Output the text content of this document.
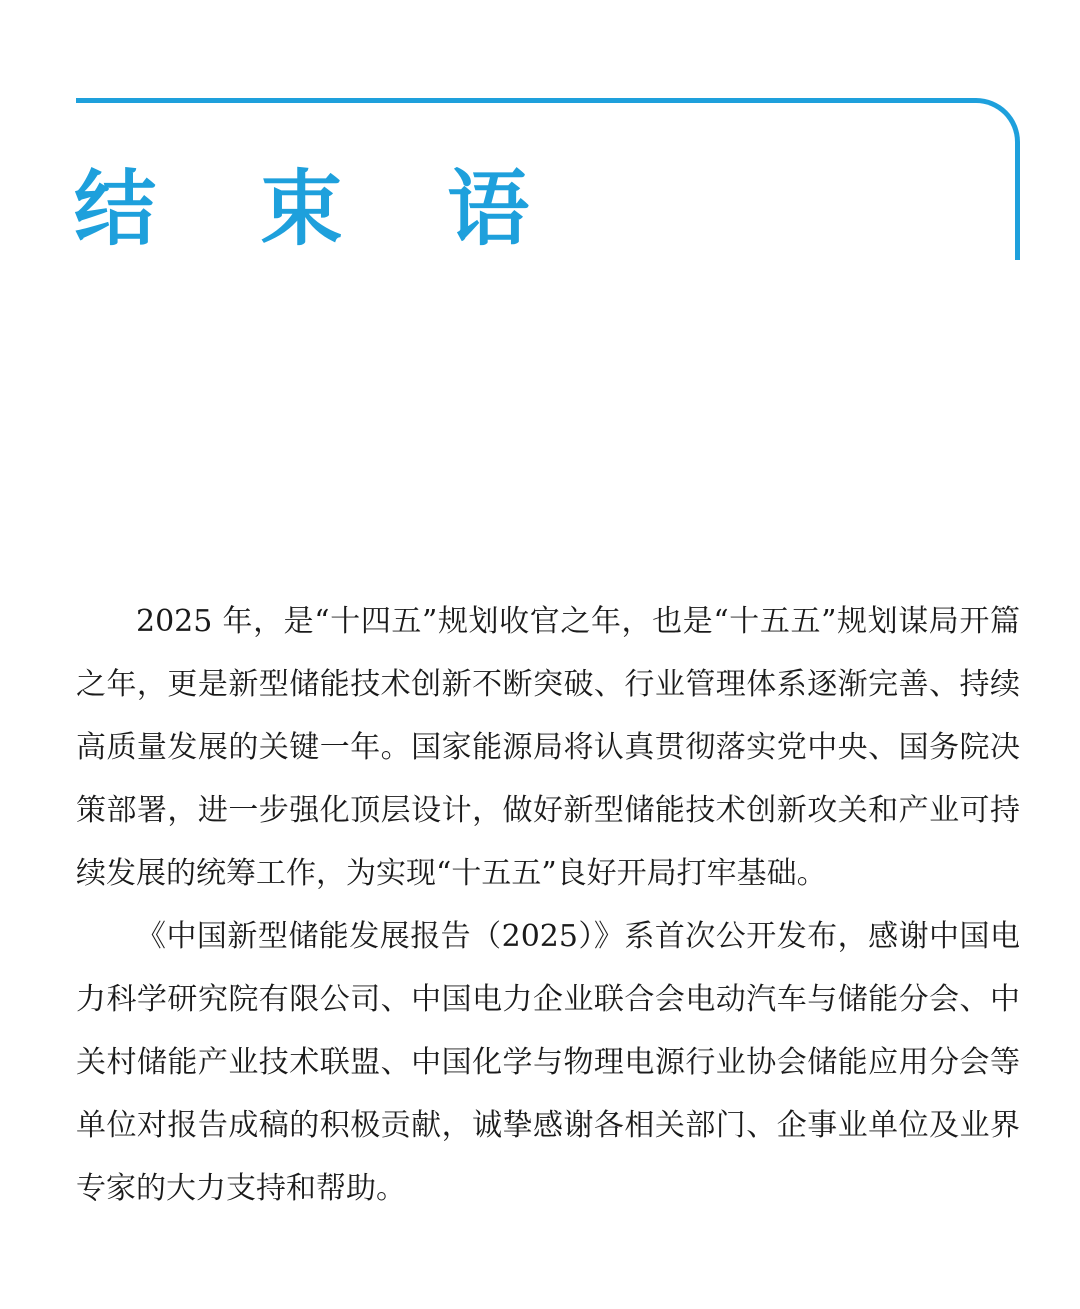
结 束 语

2025 年，是“十四五”规划收官之年，也是“十五五”规划谋局开篇之年，更是新型储能技术创新不断突破、行业管理体系逐渐完善、持续高质量发展的关键一年。国家能源局将认真贯彻落实党中央、国务院决策部署，进一步强化顶层设计，做好新型储能技术创新攻关和产业可持续发展的统筹工作，为实现“十五五”良好开局打牢基础。

《中国新型储能发展报告（2025）》系首次公开发布，感谢中国电力科学研究院有限公司、中国电力企业联合会电动汽车与储能分会、中关村储能产业技术联盟、中国化学与物理电源行业协会储能应用分会等单位对报告成稿的积极贡献，诚挚感谢各相关部门、企事业单位及业界专家的大力支持和帮助。
